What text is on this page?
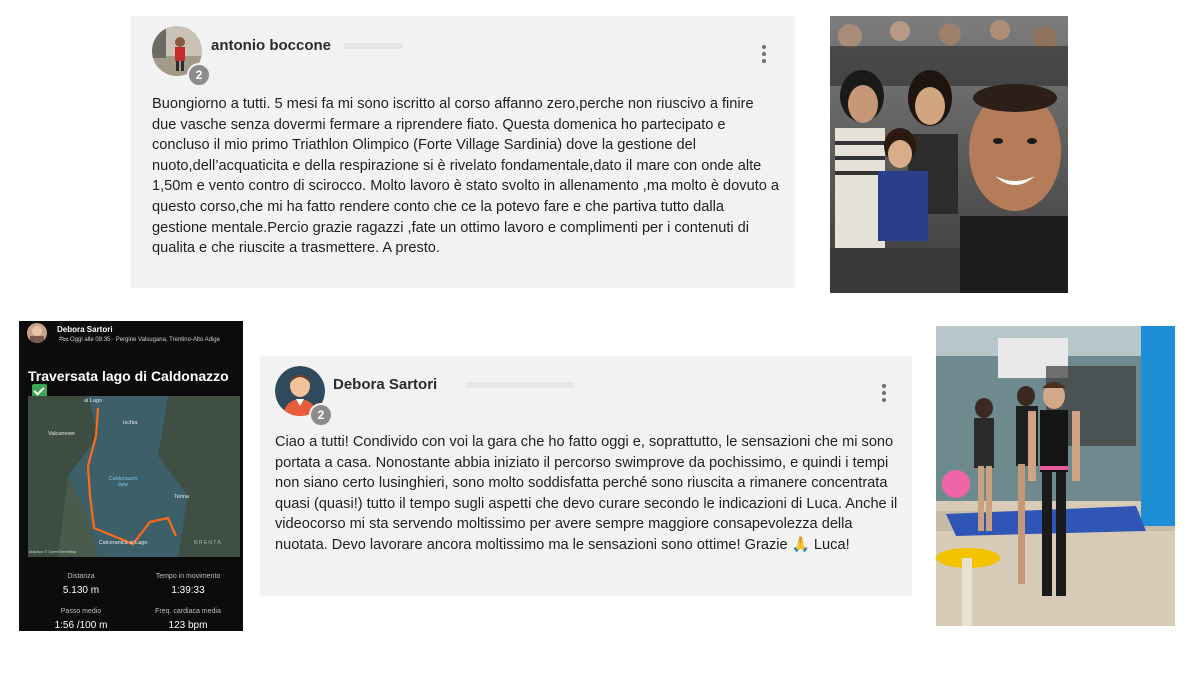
2
antonio boccone
Buongiorno a tutti. 5 mesi fa mi sono iscritto al corso affanno zero,perche non riuscivo a finire due vasche senza dovermi fermare a riprendere fiato. Questa domenica ho partecipato e concluso il mio primo Triathlon Olimpico (Forte Village Sardinia) dove la gestione del nuoto,dell’acquaticita e della respirazione si è rivelato fondamentale,dato il mare con onde alte 1,50m e vento contro di scirocco. Molto lavoro è stato svolto in allenamento ,ma molto è dovuto a questo corso,che mi ha fatto rendere conto che ce la potevo fare e che partiva tutto dalla gestione mentale.Percio grazie ragazzi ,fate un ottimo lavoro e complimenti per i contenuti di qualita e che riuscite a trasmettere. A presto.
Debora Sartori
Oggi alle 09:35 · Pergine Valsugana, Trentino-Alto Adige
Traversata lago di Caldonazzo
al Lago
Valcanover
Ischia
Caldonazzo lake
Tenna
Calceranica al Lago	BRENTA
Mapbox © OpenStreetMap
Distanza
5.130 m
Tempo in movimento
1:39:33
Passo medio
1:56 /100 m
Freq. cardiaca media
123 bpm
2
Debora Sartori
Ciao a tutti! Condivido con voi la gara che ho fatto oggi e, soprattutto, le sensazioni che mi sono portata a casa. Nonostante abbia iniziato il percorso swimprove da pochissimo, e quindi i tempi non siano certo lusinghieri, sono molto soddisfatta perché sono riuscita a rimanere concentrata quasi (quasi!) tutto il tempo sugli aspetti che devo curare secondo le indicazioni di Luca. Anche il videocorso mi sta servendo moltissimo per avere sempre maggiore consapevolezza della nuotata. Devo lavorare ancora moltissimo ma le sensazioni sono ottime! Grazie 🙏 Luca!
